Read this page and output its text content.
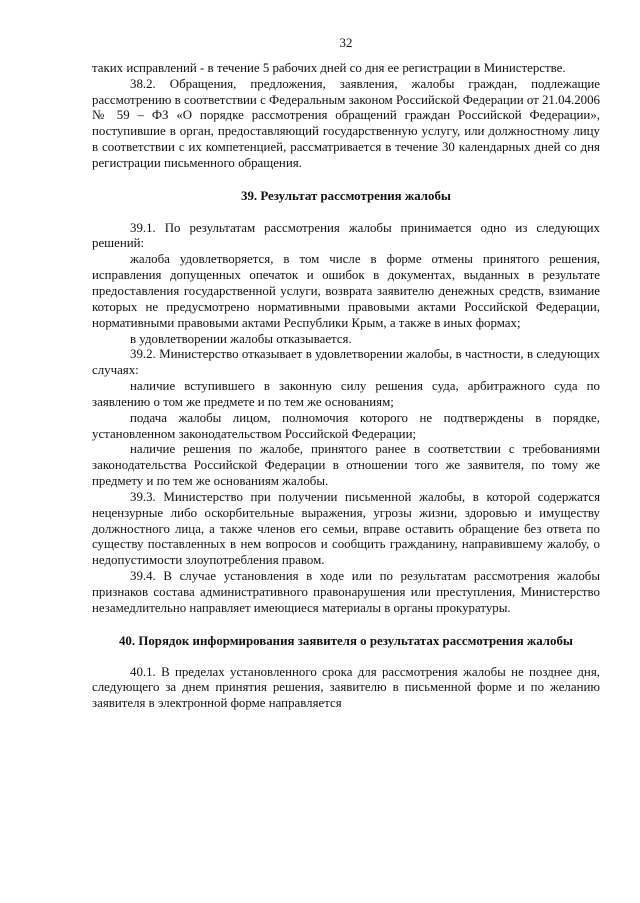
32

таких исправлений - в течение 5 рабочих дней со дня ее регистрации в Министерстве.

38.2. Обращения, предложения, заявления, жалобы граждан, подлежащие рассмотрению в соответствии с Федеральным законом Российской Федерации от 21.04.2006 № 59 – ФЗ «О порядке рассмотрения обращений граждан Российской Федерации», поступившие в орган, предоставляющий государственную услугу, или должностному лицу в соответствии с их компетенцией, рассматривается в течение 30 календарных дней со дня регистрации письменного обращения.

39. Результат рассмотрения жалобы

39.1. По результатам рассмотрения жалобы принимается одно из следующих решений:

жалоба удовлетворяется, в том числе в форме отмены принятого решения, исправления допущенных опечаток и ошибок в документах, выданных в результате предоставления государственной услуги, возврата заявителю денежных средств, взимание которых не предусмотрено нормативными правовыми актами Российской Федерации, нормативными правовыми актами Республики Крым, а также в иных формах;

в удовлетворении жалобы отказывается.

39.2. Министерство отказывает в удовлетворении жалобы, в частности, в следующих случаях:

наличие вступившего в законную силу решения суда, арбитражного суда по заявлению о том же предмете и по тем же основаниям;

подача жалобы лицом, полномочия которого не подтверждены в порядке, установленном законодательством Российской Федерации;

наличие решения по жалобе, принятого ранее в соответствии с требованиями законодательства Российской Федерации в отношении того же заявителя, по тому же предмету и по тем же основаниям жалобы.

39.3. Министерство при получении письменной жалобы, в которой содержатся нецензурные либо оскорбительные выражения, угрозы жизни, здоровью и имуществу должностного лица, а также членов его семьи, вправе оставить обращение без ответа по существу поставленных в нем вопросов и сообщить гражданину, направившему жалобу, о недопустимости злоупотребления правом.

39.4. В случае установления в ходе или по результатам рассмотрения жалобы признаков состава административного правонарушения или преступления, Министерство незамедлительно направляет имеющиеся материалы в органы прокуратуры.

40. Порядок информирования заявителя о результатах рассмотрения жалобы

40.1. В пределах установленного срока для рассмотрения жалобы не позднее дня, следующего за днем принятия решения, заявителю в письменной форме и по желанию заявителя в электронной форме направляется
